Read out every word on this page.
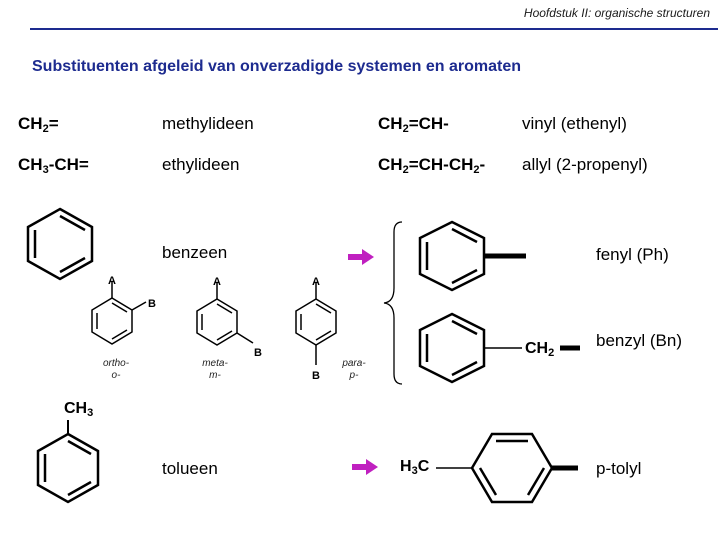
Hoofdstuk II: organische structuren
Substituenten afgeleid van onverzadigde systemen en aromaten
$CH_2=$	methylideen	$CH_2=CH-$	vinyl (ethenyl)
$CH_3-CH=$	ethylideen	$CH_2=CH-CH_2-$ allyl (2-propenyl)
benzeen
A
B
ortho-
o-
A
B
meta-
m-
A
B
para-
p-
fenyl (Ph)
$CH_2$
benzyl (Bn)
$CH_3$
tolueen	$H_3C$	p-tolyl
